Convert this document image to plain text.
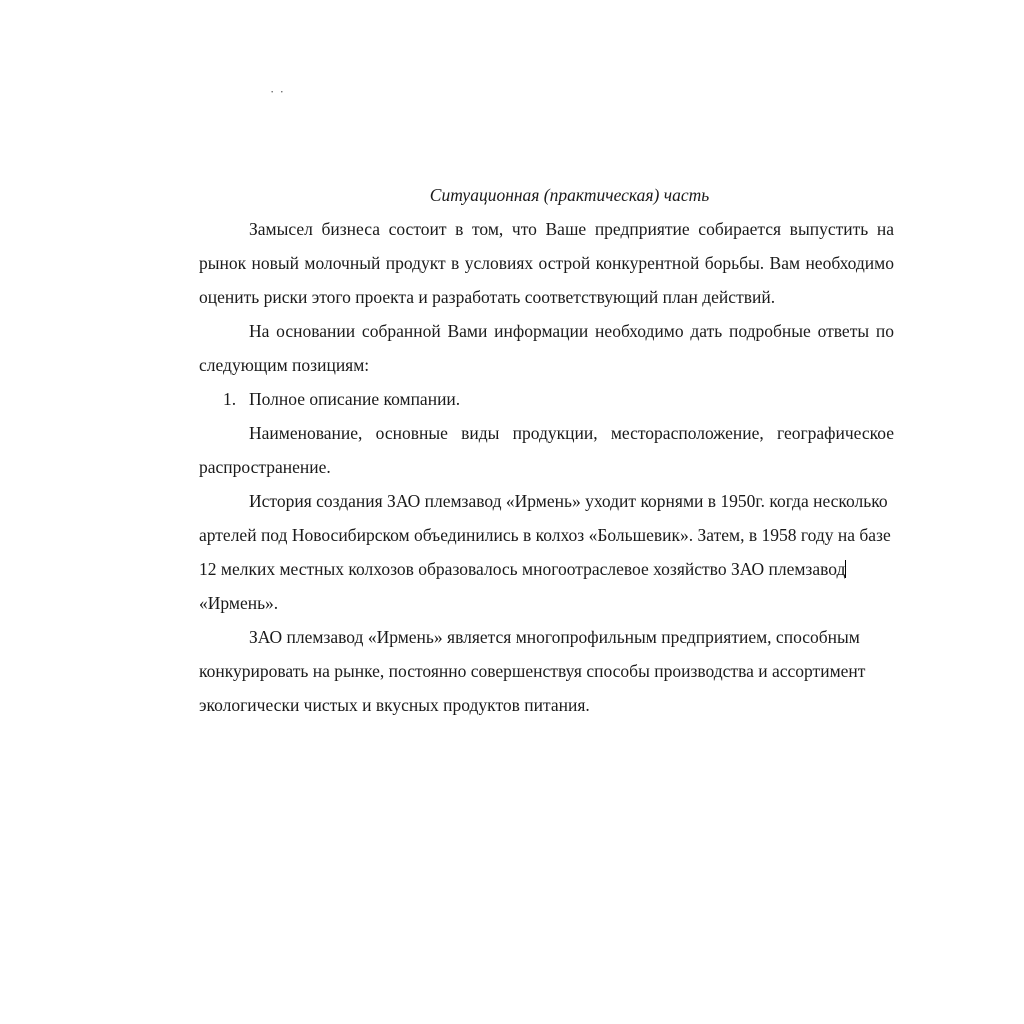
· ·

Ситуационная (практическая) часть

Замысел бизнеса состоит в том, что Ваше предприятие собирается выпустить на рынок новый молочный продукт в условиях острой конкурентной борьбы. Вам необходимо оценить риски этого проекта и разработать соответствующий план действий.

На основании собранной Вами информации необходимо дать подробные ответы по следующим позициям:

1. Полное описание компании.

Наименование, основные виды продукции, месторасположение, географическое распространение.

История создания ЗАО племзавод «Ирмень» уходит корнями в 1950г. когда несколько артелей под Новосибирском объединились в колхоз «Большевик». Затем, в 1958 году на базе 12 мелких местных колхозов образовалось многоотраслевое хозяйство ЗАО племзавод«Ирмень».

ЗАО племзавод «Ирмень» является многопрофильным предприятием, способным конкурировать на рынке, постоянно совершенствуя способы производства и ассортимент экологически чистых и вкусных продуктов питания.
